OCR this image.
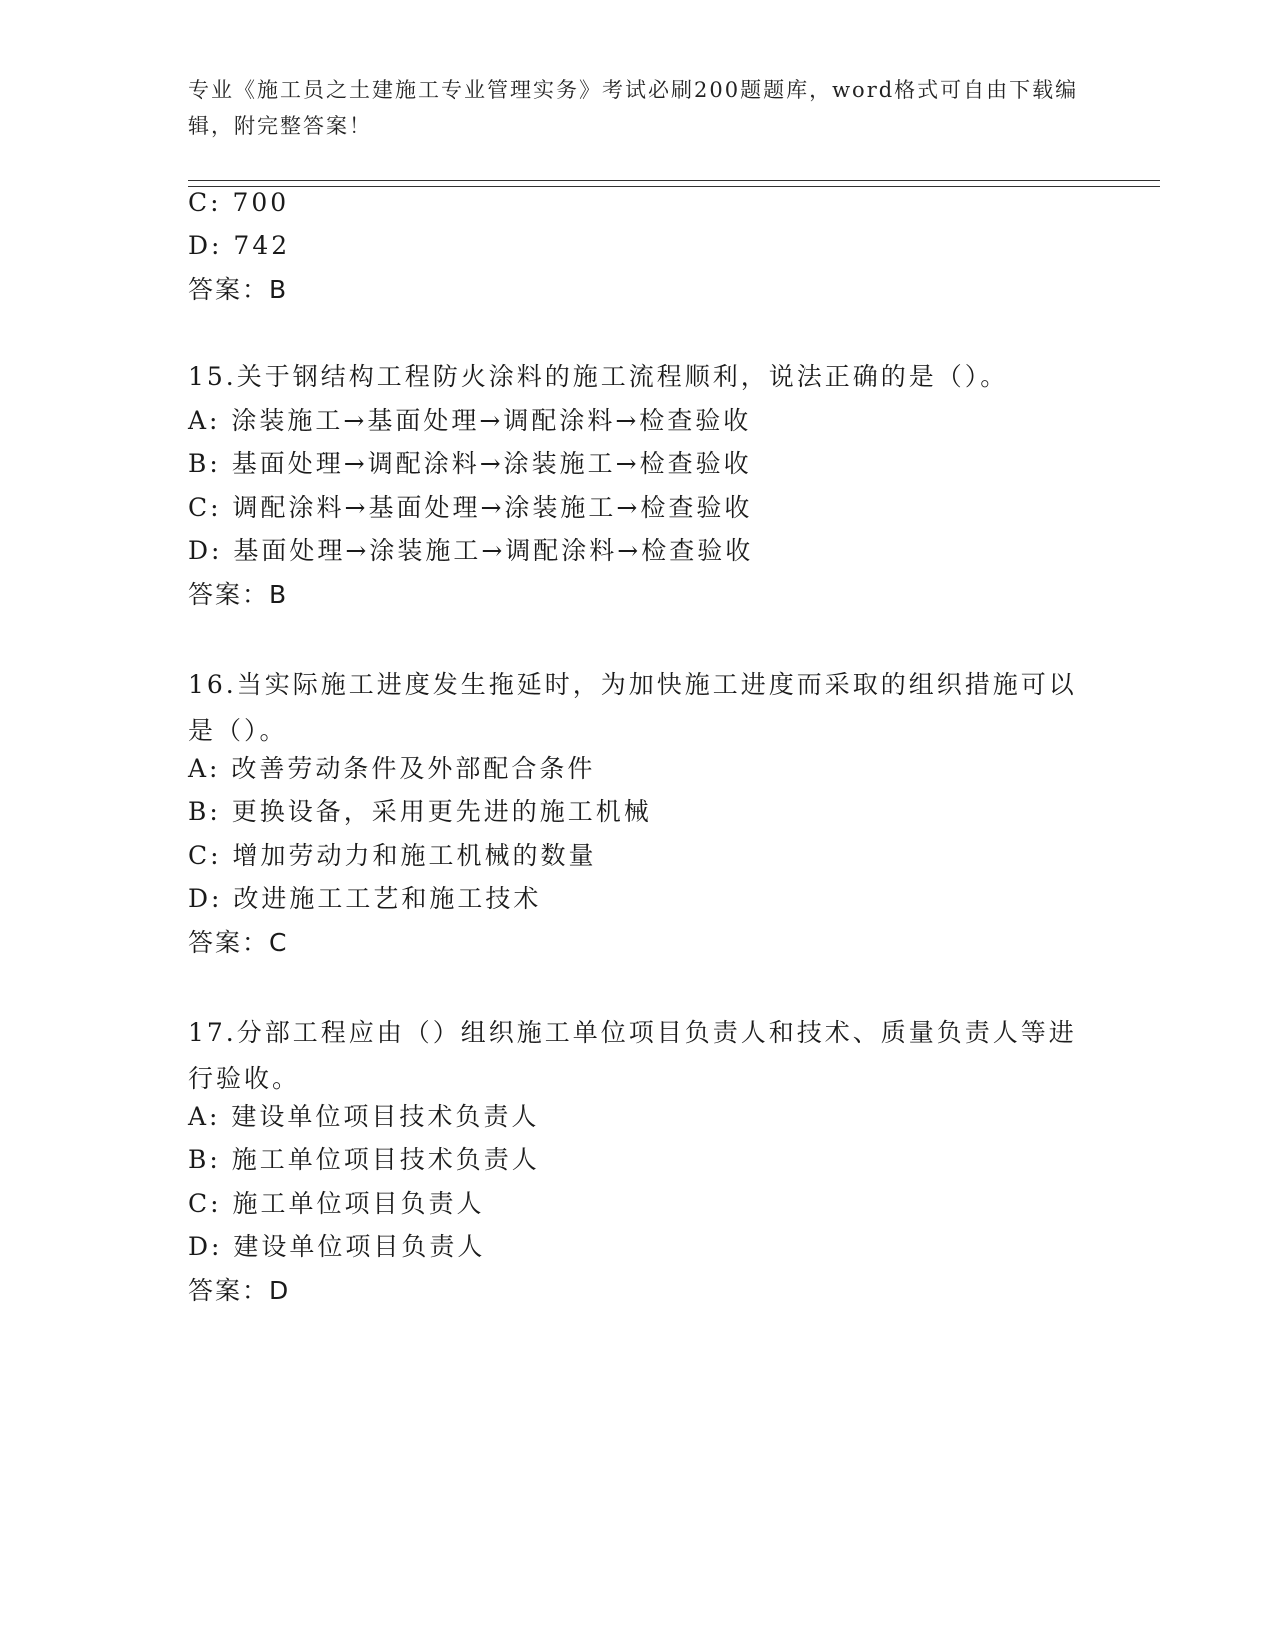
专业《施工员之土建施工专业管理实务》考试必刷200题题库，word格式可自由下载编辑，附完整答案！
C: 700
D: 742
答案：B
15.关于钢结构工程防火涂料的施工流程顺利，说法正确的是（）。
A: 涂装施工→基面处理→调配涂料→检查验收
B: 基面处理→调配涂料→涂装施工→检查验收
C: 调配涂料→基面处理→涂装施工→检查验收
D: 基面处理→涂装施工→调配涂料→检查验收
答案：B
16.当实际施工进度发生拖延时，为加快施工进度而采取的组织措施可以是（）。
A: 改善劳动条件及外部配合条件
B: 更换设备，采用更先进的施工机械
C: 增加劳动力和施工机械的数量
D: 改进施工工艺和施工技术
答案：C
17.分部工程应由（）组织施工单位项目负责人和技术、质量负责人等进行验收。
A: 建设单位项目技术负责人
B: 施工单位项目技术负责人
C: 施工单位项目负责人
D: 建设单位项目负责人
答案：D
